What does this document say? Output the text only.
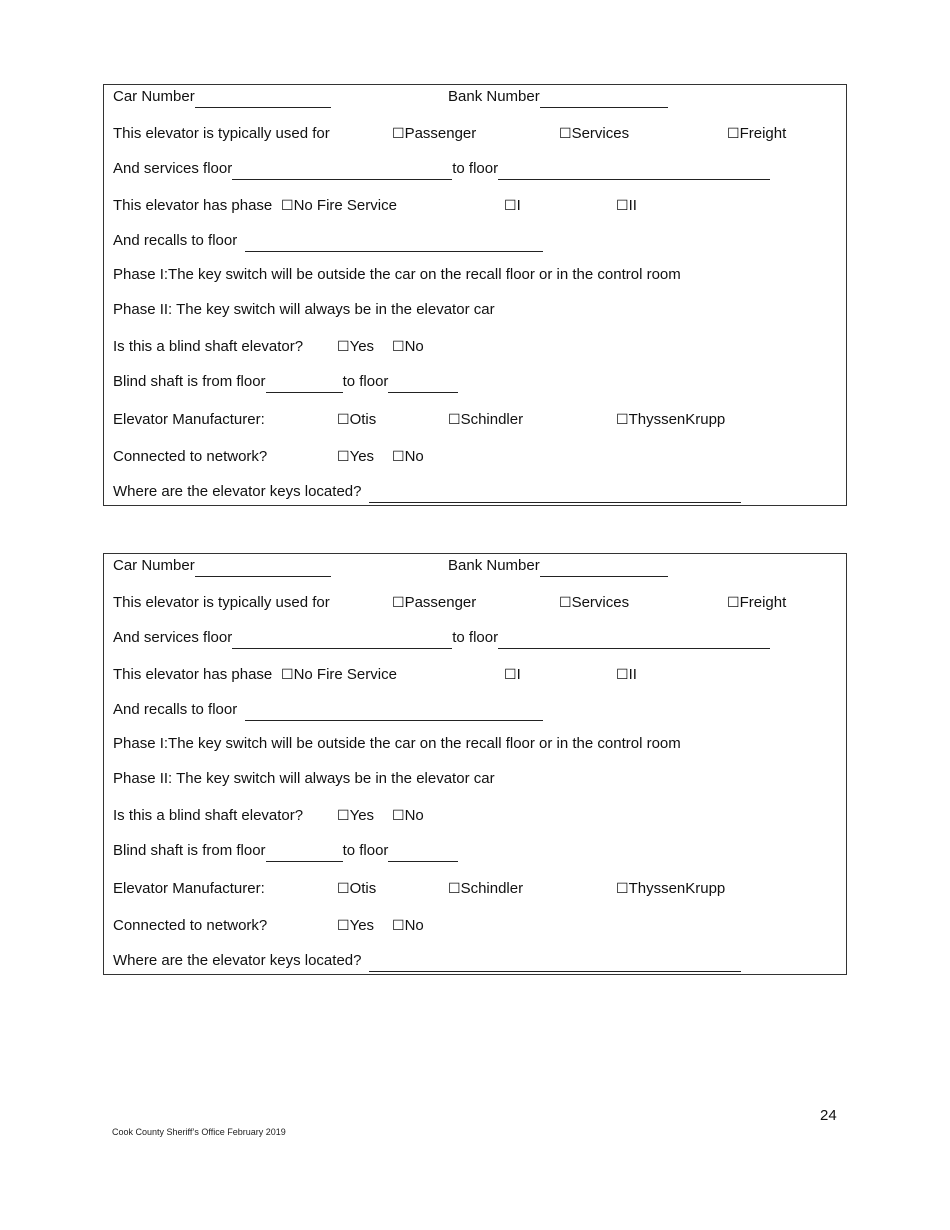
Car Number	Bank Number
This elevator is typically used for	☐Passenger	☐Services	☐Freight
And services floor	to floor
This elevator has phase ☐No Fire Service	☐I	☐II
And recalls to floor
Phase I:The key switch will be outside the car on the recall floor or in the control room
Phase II: The key switch will always be in the elevator car
Is this a blind shaft elevator? ☐Yes ☐No
Blind shaft is from floor	to floor
Elevator Manufacturer:	☐Otis	☐Schindler	☐ThyssenKrupp
Connected to network?	☐Yes ☐No
Where are the elevator keys located?
Car Number	Bank Number
This elevator is typically used for	☐Passenger	☐Services	☐Freight
And services floor	to floor
This elevator has phase ☐No Fire Service	☐I	☐II
And recalls to floor
Phase I:The key switch will be outside the car on the recall floor or in the control room
Phase II: The key switch will always be in the elevator car
Is this a blind shaft elevator? ☐Yes ☐No
Blind shaft is from floor	to floor
Elevator Manufacturer:	☐Otis	☐Schindler	☐ThyssenKrupp
Connected to network?	☐Yes ☐No
Where are the elevator keys located?
24
Cook County Sheriff’s Office February 2019
